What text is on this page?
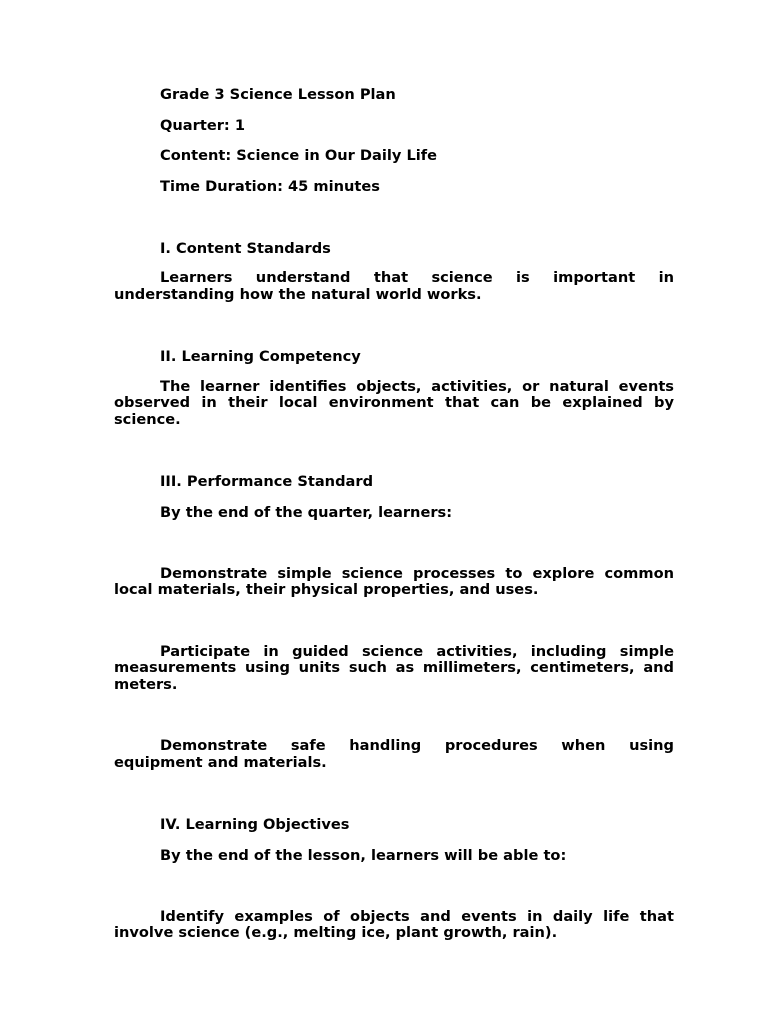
Grade 3 Science Lesson Plan

Quarter: 1

Content: Science in Our Daily Life

Time Duration: 45 minutes

I. Content Standards

Learners understand that science is important in understanding how the natural world works.

II. Learning Competency

The learner identifies objects, activities, or natural events observed in their local environment that can be explained by science.

III. Performance Standard

By the end of the quarter, learners:

Demonstrate simple science processes to explore common local materials, their physical properties, and uses.

Participate in guided science activities, including simple measurements using units such as millimeters, centimeters, and meters.

Demonstrate safe handling procedures when using equipment and materials.

IV. Learning Objectives

By the end of the lesson, learners will be able to:

Identify examples of objects and events in daily life that involve science (e.g., melting ice, plant growth, rain).
